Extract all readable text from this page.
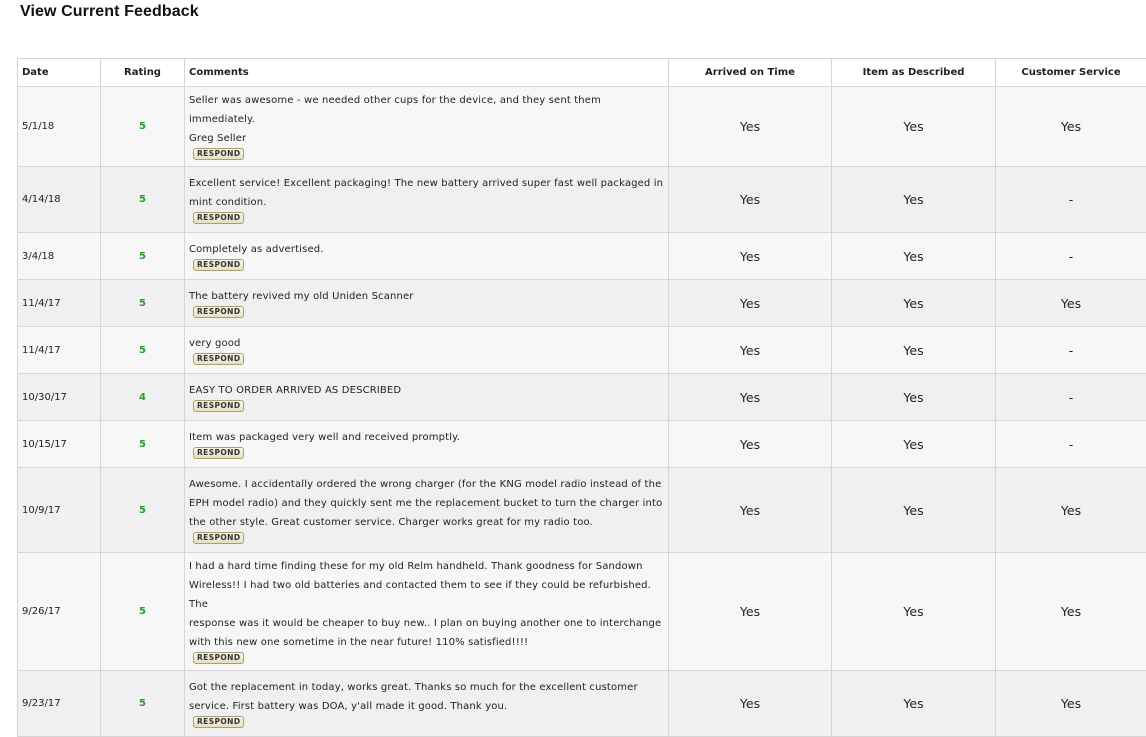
View Current Feedback
Date	Rating	Comments	Arrived on Time	Item as Described	Customer Service
5/1/18	5	Seller was awesome - we needed other cups for the device, and they sent them immediately.
Greg Seller
RESPOND	Yes	Yes	Yes
4/14/18	5	Excellent service! Excellent packaging! The new battery arrived super fast well packaged in
mint condition.
RESPOND	Yes	Yes	-
3/4/18	5	Completely as advertised.
RESPOND	Yes	Yes	-
11/4/17	5	The battery revived my old Uniden Scanner
RESPOND	Yes	Yes	Yes
11/4/17	5	very good
RESPOND	Yes	Yes	-
10/30/17	4	EASY TO ORDER ARRIVED AS DESCRIBED
RESPOND	Yes	Yes	-
10/15/17	5	Item was packaged very well and received promptly.
RESPOND	Yes	Yes	-
10/9/17	5	Awesome. I accidentally ordered the wrong charger (for the KNG model radio instead of the
EPH model radio) and they quickly sent me the replacement bucket to turn the charger into
the other style. Great customer service. Charger works great for my radio too.
RESPOND	Yes	Yes	Yes
9/26/17	5	I had a hard time finding these for my old Relm handheld. Thank goodness for Sandown
Wireless!! I had two old batteries and contacted them to see if they could be refurbished. The
response was it would be cheaper to buy new.. I plan on buying another one to interchange
with this new one sometime in the near future! 110% satisfied!!!!
RESPOND	Yes	Yes	Yes
9/23/17	5	Got the replacement in today, works great. Thanks so much for the excellent customer
service. First battery was DOA, y'all made it good. Thank you.
RESPOND	Yes	Yes	Yes
